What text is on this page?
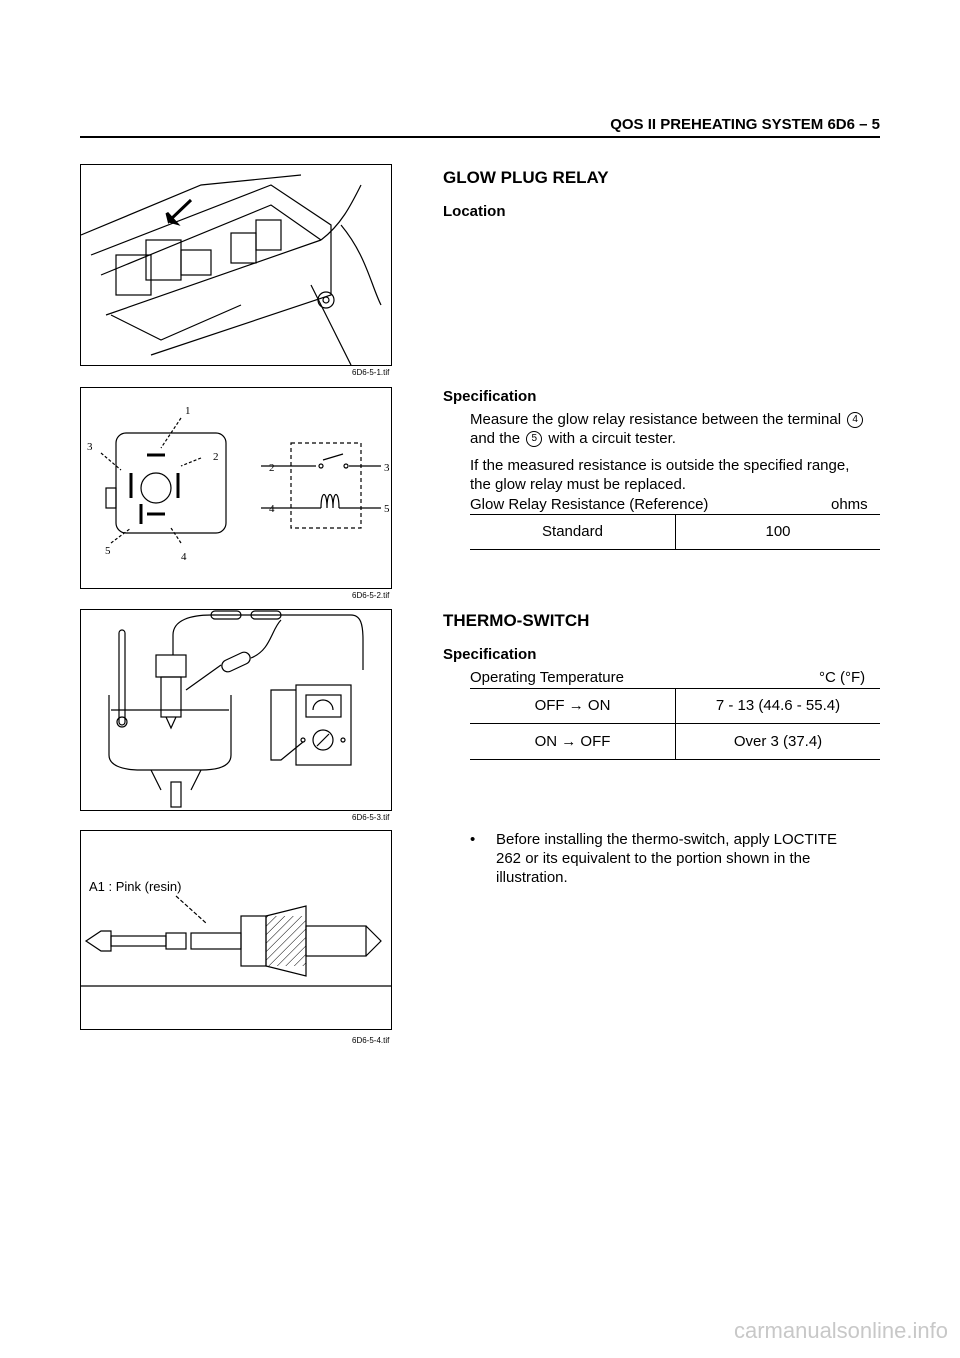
QOS II PREHEATING SYSTEM 6D6 – 5
6D6-5-1.tif
1
2
3
4
5
2	3
4	5
6D6-5-2.tif
6D6-5-3.tif
A1 : Pink (resin)
6D6-5-4.tif
GLOW PLUG RELAY
Location
Specification
Measure the glow relay resistance between the terminal 4
and the 5 with a circuit tester.
If the measured resistance is outside the specified range, the glow relay must be replaced.
Glow Relay Resistance (Reference)	ohms
Standard	100
THERMO-SWITCH
Specification
Operating Temperature	°C (°F)
OFF → ON	7 - 13 (44.6 - 55.4)
ON → OFF	Over 3 (37.4)
• Before installing the thermo-switch, apply LOCTITE 262 or its equivalent to the portion shown in the illustration.
carmanualsonline.info
